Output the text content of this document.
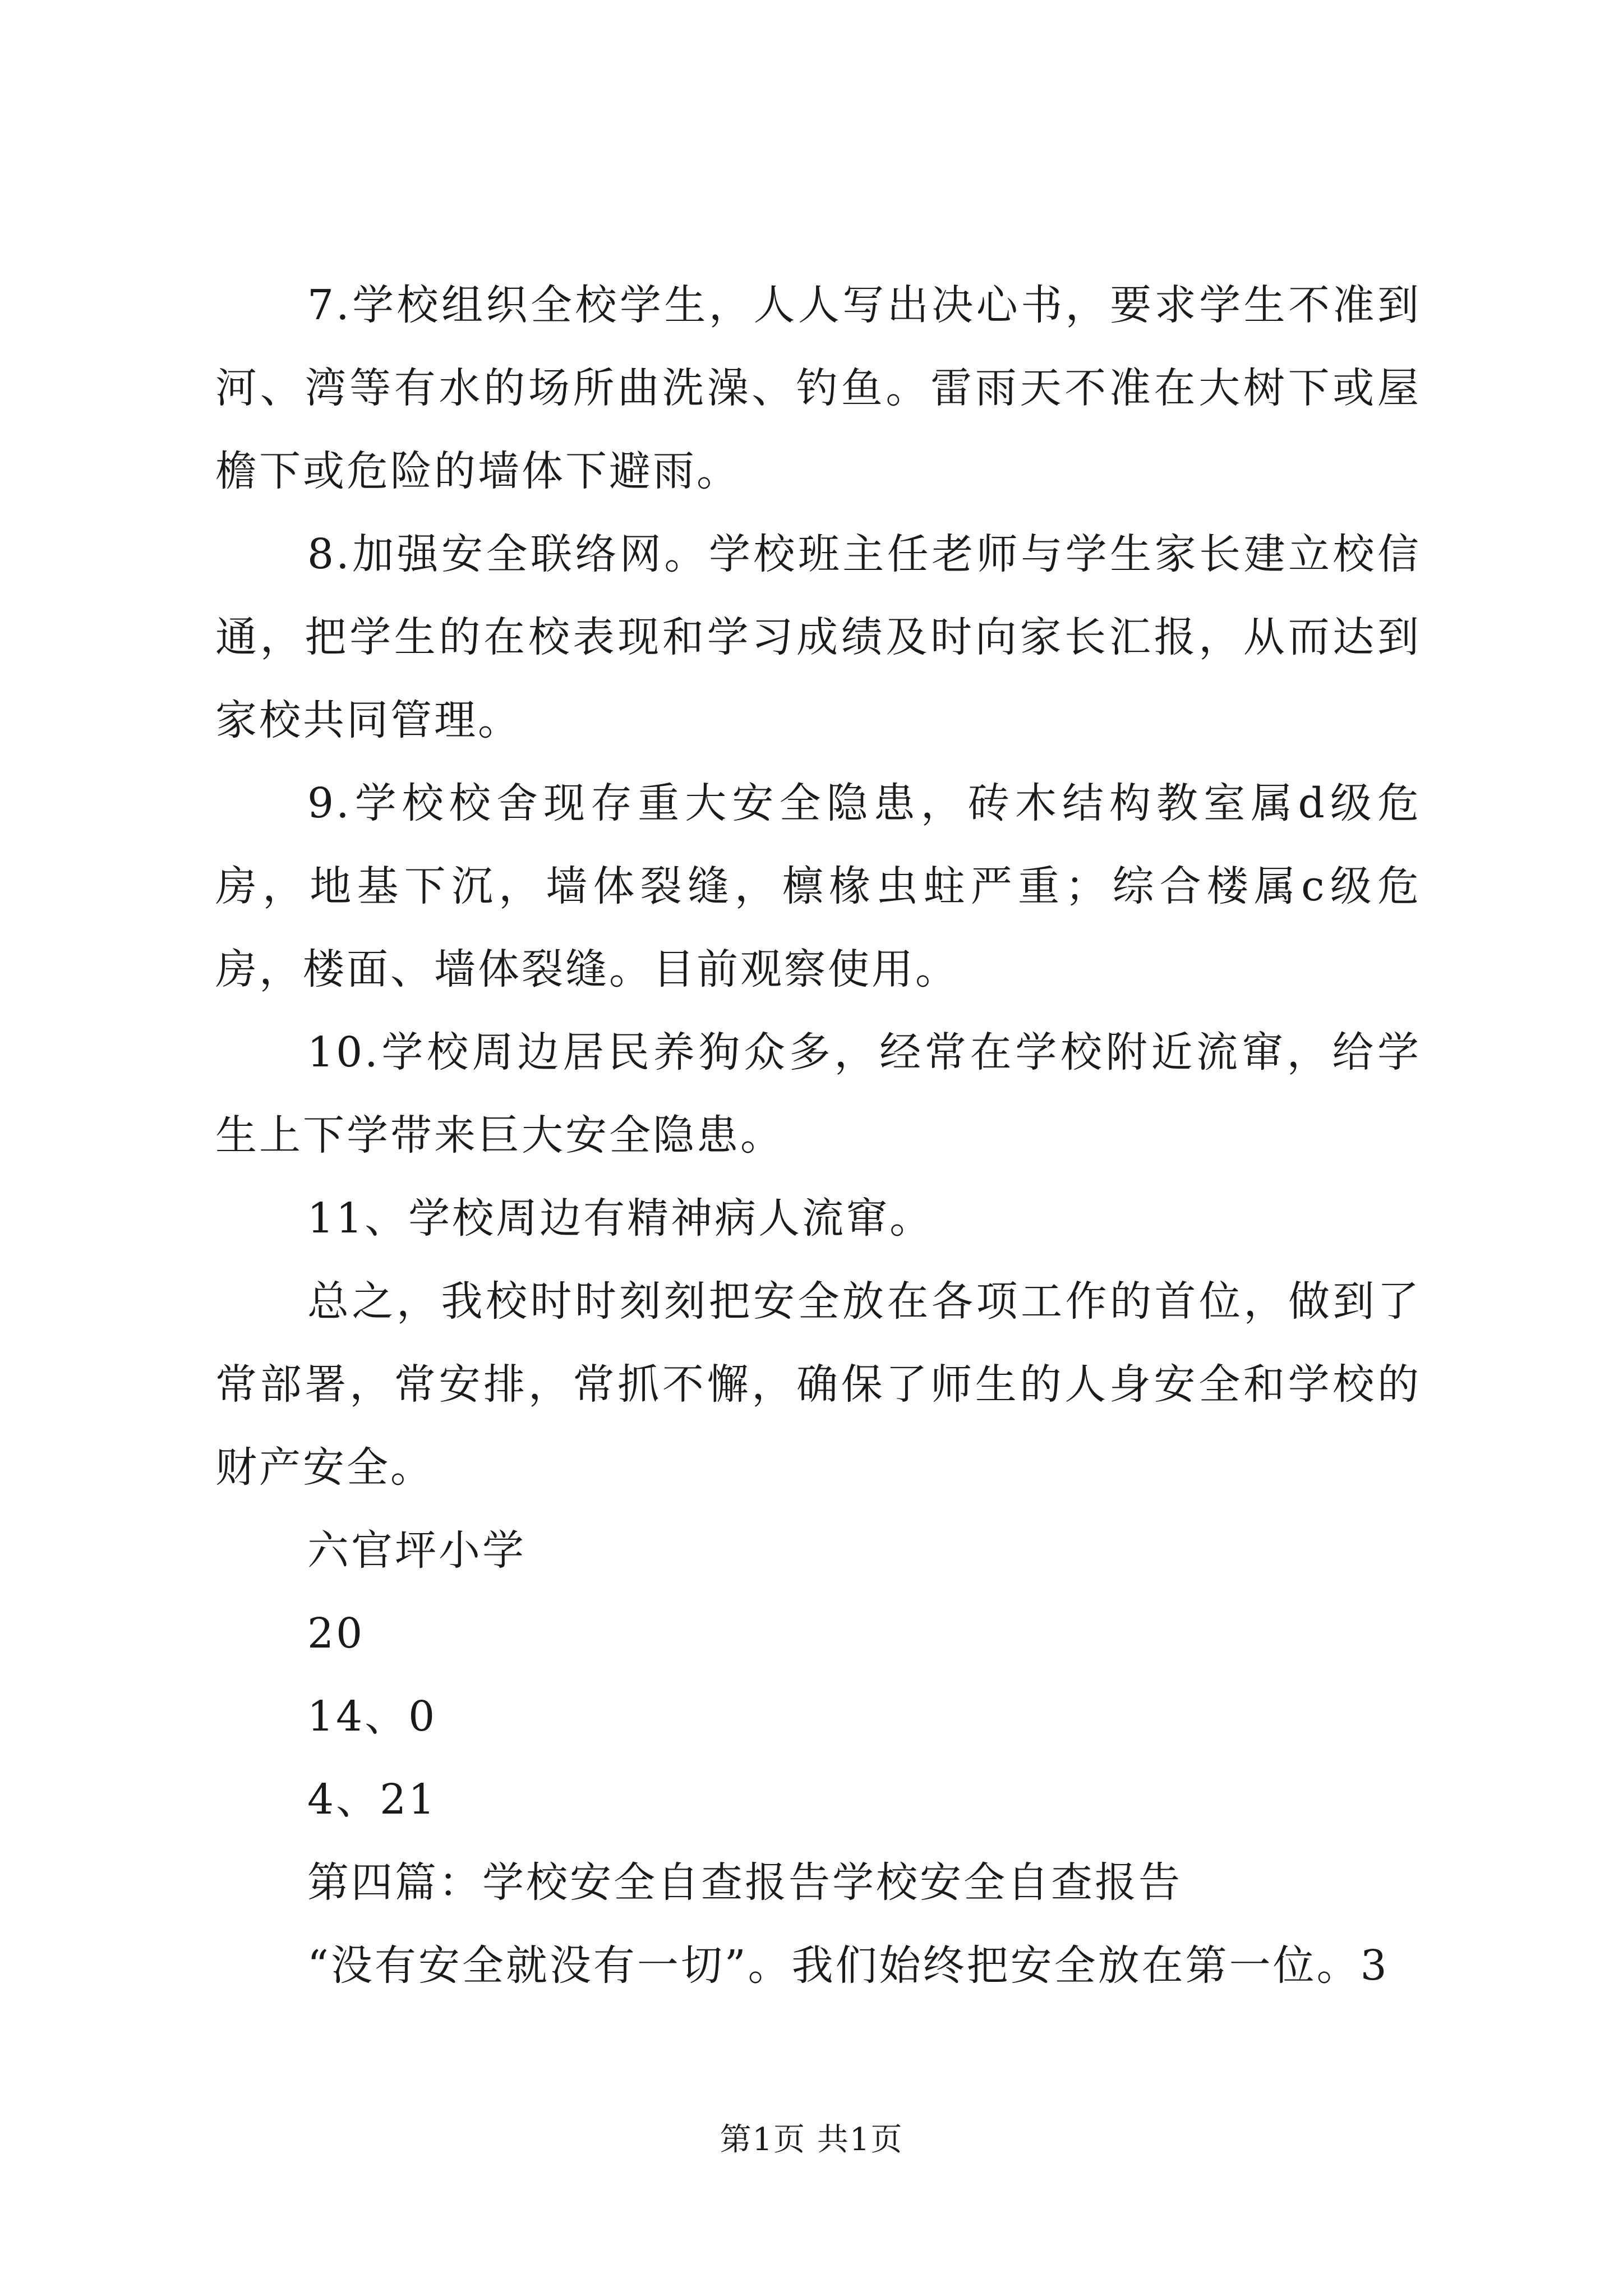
7.学校组织全校学生，人人写出决心书，要求学生不准到河、湾等有水的场所曲洗澡、钓鱼。雷雨天不准在大树下或屋檐下或危险的墙体下避雨。

8.加强安全联络网。学校班主任老师与学生家长建立校信通，把学生的在校表现和学习成绩及时向家长汇报，从而达到家校共同管理。

9.学校校舍现存重大安全隐患，砖木结构教室属d级危房，地基下沉，墙体裂缝，檩椽虫蛀严重；综合楼属c级危房，楼面、墙体裂缝。目前观察使用。

10.学校周边居民养狗众多，经常在学校附近流窜，给学生上下学带来巨大安全隐患。

11、学校周边有精神病人流窜。

总之，我校时时刻刻把安全放在各项工作的首位，做到了常部署，常安排，常抓不懈，确保了师生的人身安全和学校的财产安全。

六官坪小学

20

14、0

4、21

第四篇：学校安全自查报告学校安全自查报告

“没有安全就没有一切”。我们始终把安全放在第一位。3

第1页 共1页
